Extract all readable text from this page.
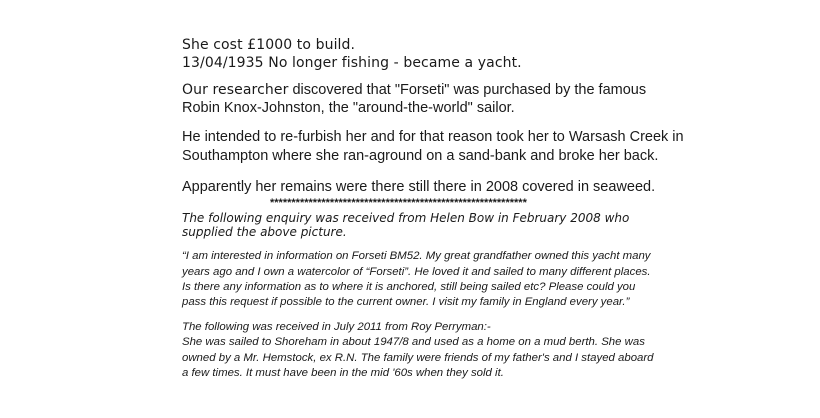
She cost £1000 to build.
13/04/1935 No longer fishing - became a yacht.
Our researcher discovered that "Forseti" was purchased by the famous
Robin Knox-Johnston, the "around-the-world" sailor.
He intended to re-furbish her and for that reason took her to Warsash Creek in
Southampton where she ran-aground on a sand-bank and broke her back.
Apparently her remains were there still there in 2008 covered in seaweed.
************************************************************
The following enquiry was received from Helen Bow in February 2008 who
supplied the above picture.
“I am interested in information on Forseti BM52. My great grandfather owned this yacht many
years ago and I own a watercolor of “Forseti”. He loved it and sailed to many different places.
Is there any information as to where it is anchored, still being sailed etc? Please could you
pass this request if possible to the current owner. I visit my family in England every year.”
The following was received in July 2011 from Roy Perryman:-
She was sailed to Shoreham in about 1947/8 and used as a home on a mud berth. She was
owned by a Mr. Hemstock, ex R.N. The family were friends of my father's and I stayed aboard
a few times. It must have been in the mid '60s when they sold it.
